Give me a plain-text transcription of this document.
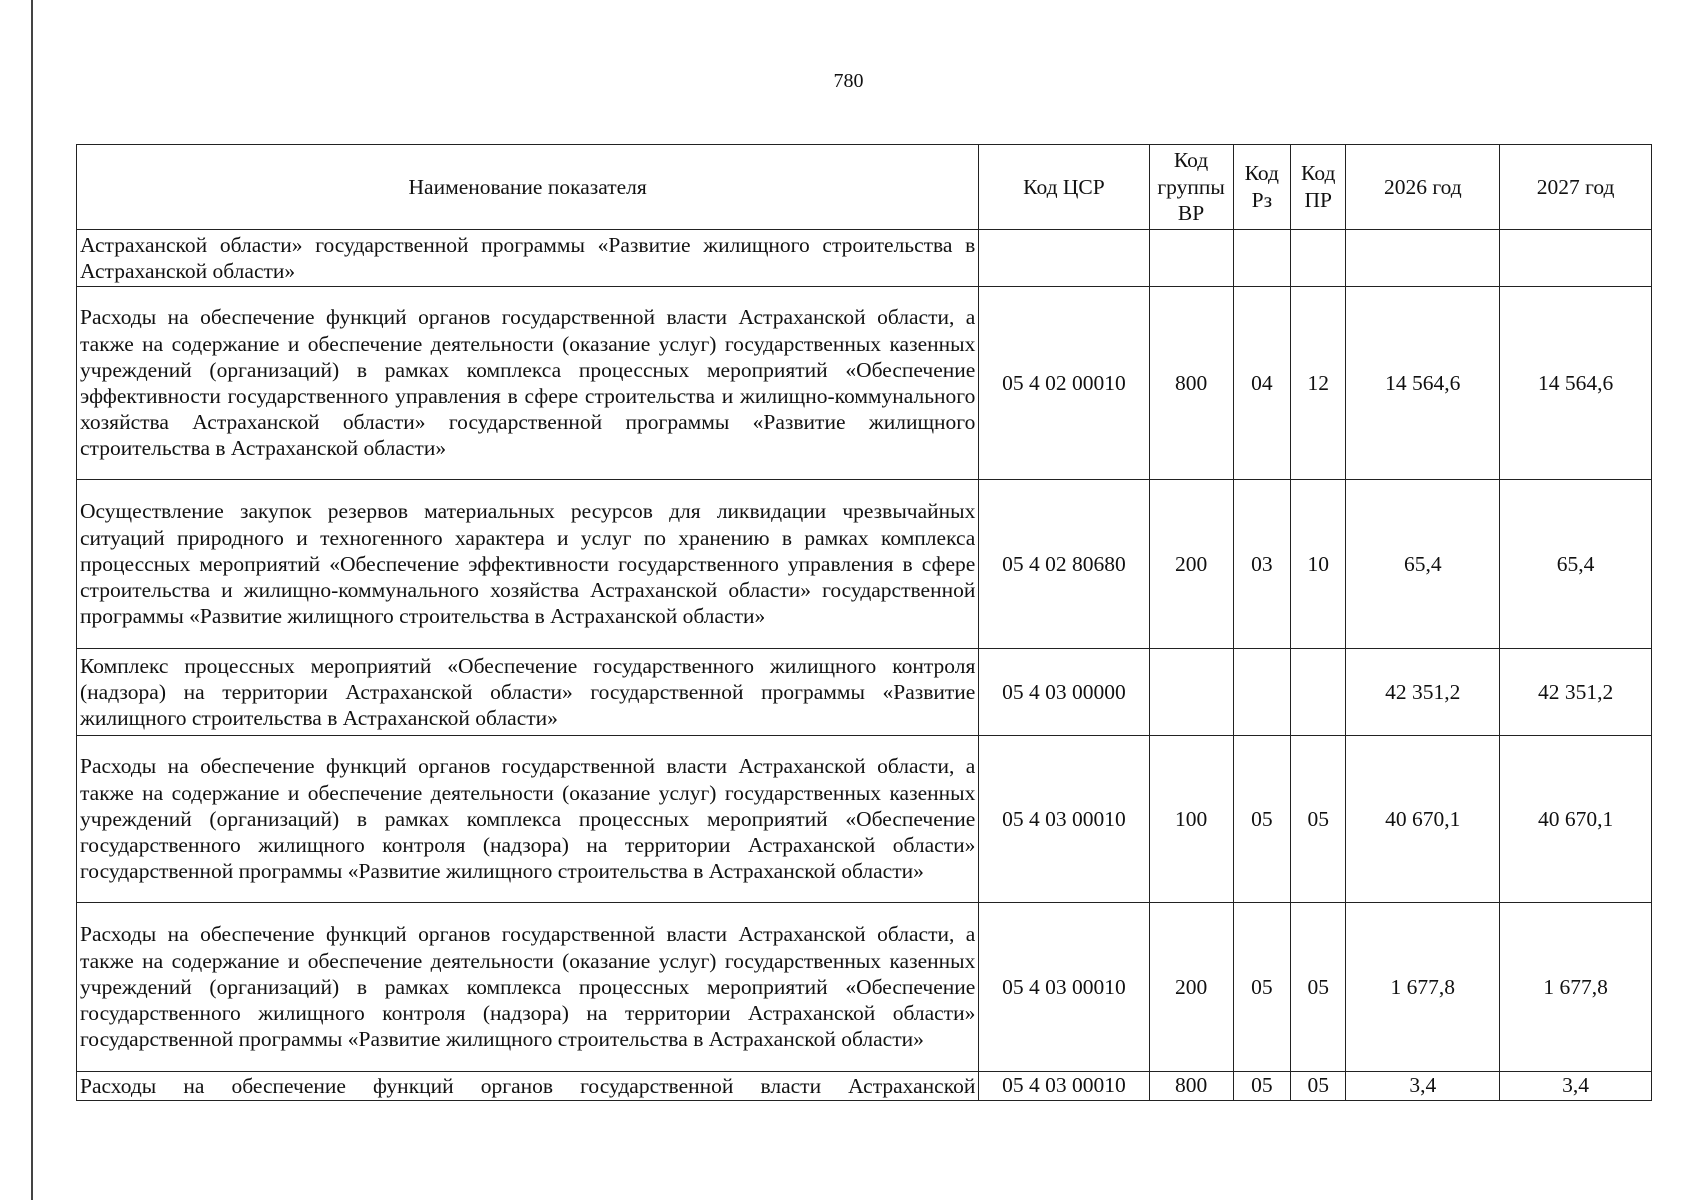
780
Наименование показателя	Код ЦСР	Код группы ВР	Код Рз	Код ПР	2026 год	2027 год
Астраханской области» государственной программы «Развитие жилищного строительства в Астраханской области»						
Расходы на обеспечение функций органов государственной власти Астраханской области, а также на содержание и обеспечение деятельности (оказание услуг) государственных казенных учреждений (организаций) в рамках комплекса процессных мероприятий «Обеспечение эффективности государственного управления в сфере строительства и жилищно-коммунального хозяйства Астраханской области» государственной программы «Развитие жилищного строительства в Астраханской области»	05 4 02 00010	800	04	12	14 564,6	14 564,6
Осуществление закупок резервов материальных ресурсов для ликвидации чрезвычайных ситуаций природного и техногенного характера и услуг по хранению в рамках комплекса процессных мероприятий «Обеспечение эффективности государственного управления в сфере строительства и жилищно-коммунального хозяйства Астраханской области» государственной программы «Развитие жилищного строительства в Астраханской области»	05 4 02 80680	200	03	10	65,4	65,4
Комплекс процессных мероприятий «Обеспечение государственного жилищного контроля (надзора) на территории Астраханской области» государственной программы «Развитие жилищного строительства в Астраханской области»	05 4 03 00000				42 351,2	42 351,2
Расходы на обеспечение функций органов государственной власти Астраханской области, а также на содержание и обеспечение деятельности (оказание услуг) государственных казенных учреждений (организаций) в рамках комплекса процессных мероприятий «Обеспечение государственного жилищного контроля (надзора) на территории Астраханской области» государственной программы «Развитие жилищного строительства в Астраханской области»	05 4 03 00010	100	05	05	40 670,1	40 670,1
Расходы на обеспечение функций органов государственной власти Астраханской области, а также на содержание и обеспечение деятельности (оказание услуг) государственных казенных учреждений (организаций) в рамках комплекса процессных мероприятий «Обеспечение государственного жилищного контроля (надзора) на территории Астраханской области» государственной программы «Развитие жилищного строительства в Астраханской области»	05 4 03 00010	200	05	05	1 677,8	1 677,8
Расходы на обеспечение функций органов государственной власти Астраханской	05 4 03 00010	800	05	05	3,4	3,4
